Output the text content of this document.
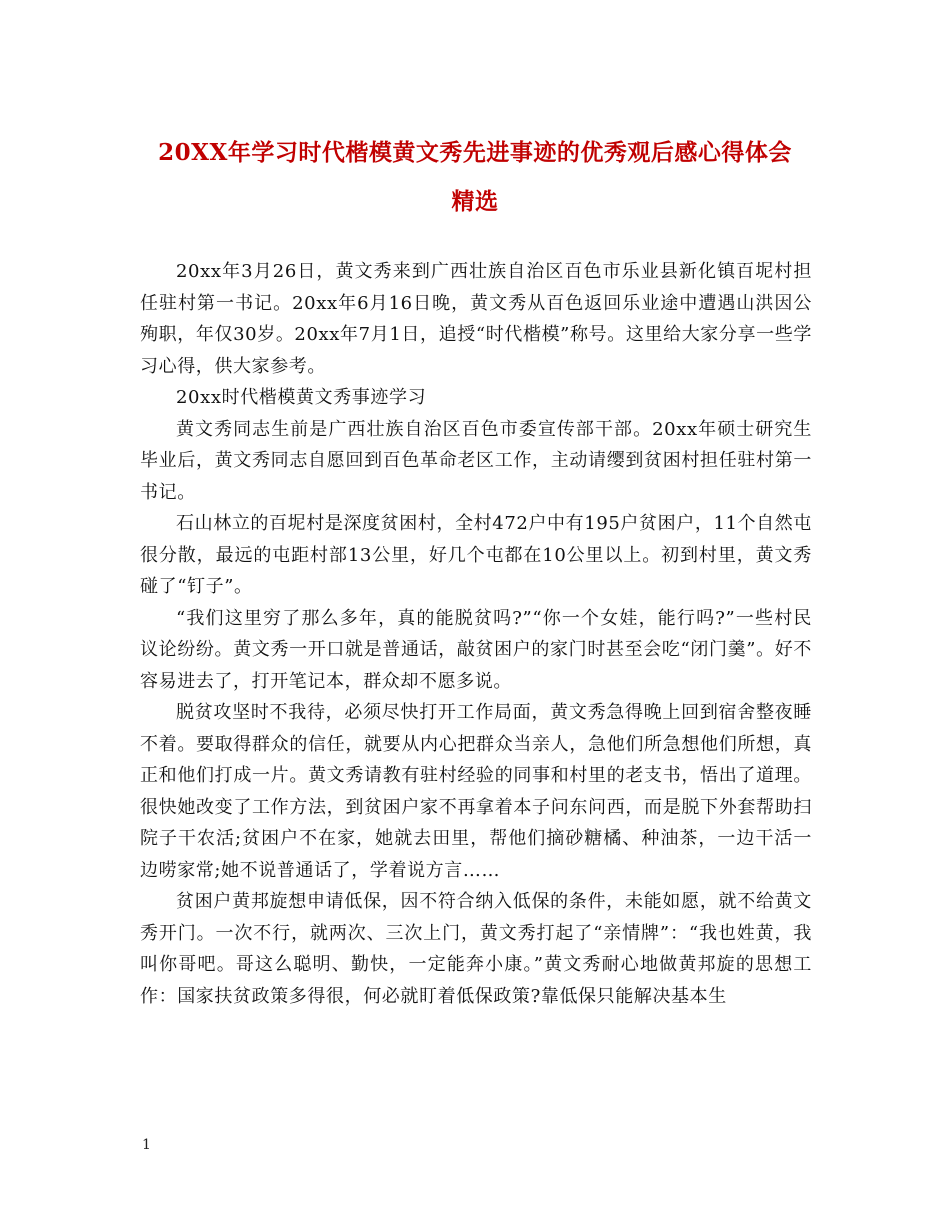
20XX年学习时代楷模黄文秀先进事迹的优秀观后感心得体会
精选

20xx年3月26日，黄文秀来到广西壮族自治区百色市乐业县新化镇百坭村担任驻村第一书记。20xx年6月16日晚，黄文秀从百色返回乐业途中遭遇山洪因公殉职，年仅30岁。20xx年7月1日，追授“时代楷模”称号。这里给大家分享一些学习心得，供大家参考。

20xx时代楷模黄文秀事迹学习

黄文秀同志生前是广西壮族自治区百色市委宣传部干部。20xx年硕士研究生毕业后，黄文秀同志自愿回到百色革命老区工作，主动请缨到贫困村担任驻村第一书记。

石山林立的百坭村是深度贫困村，全村472户中有195户贫困户，11个自然屯很分散，最远的屯距村部13公里，好几个屯都在10公里以上。初到村里，黄文秀碰了“钉子”。

“我们这里穷了那么多年，真的能脱贫吗?”“你一个女娃，能行吗?”一些村民议论纷纷。黄文秀一开口就是普通话，敲贫困户的家门时甚至会吃“闭门羹”。好不容易进去了，打开笔记本，群众却不愿多说。

脱贫攻坚时不我待，必须尽快打开工作局面，黄文秀急得晚上回到宿舍整夜睡不着。要取得群众的信任，就要从内心把群众当亲人，急他们所急想他们所想，真正和他们打成一片。黄文秀请教有驻村经验的同事和村里的老支书，悟出了道理。很快她改变了工作方法，到贫困户家不再拿着本子问东问西，而是脱下外套帮助扫院子干农活;贫困户不在家，她就去田里，帮他们摘砂糖橘、种油茶，一边干活一边唠家常;她不说普通话了，学着说方言……

贫困户黄邦旋想申请低保，因不符合纳入低保的条件，未能如愿，就不给黄文秀开门。一次不行，就两次、三次上门，黄文秀打起了“亲情牌”：“我也姓黄，我叫你哥吧。哥这么聪明、勤快，一定能奔小康。”黄文秀耐心地做黄邦旋的思想工作：国家扶贫政策多得很，何必就盯着低保政策?靠低保只能解决基本生

1
